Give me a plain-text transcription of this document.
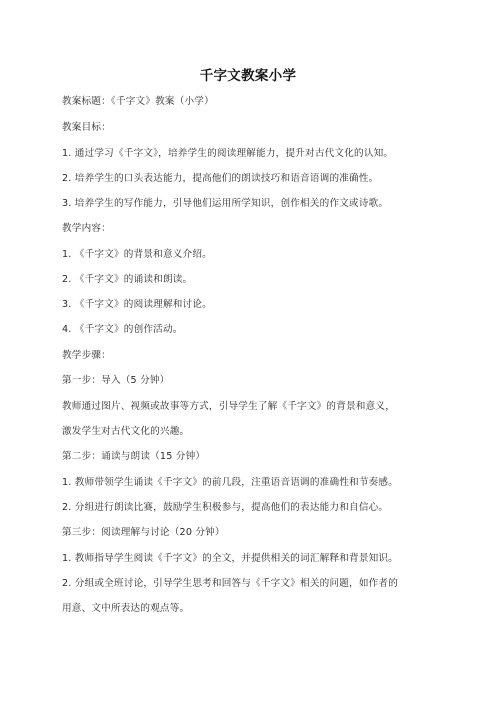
千字文教案小学
教案标题：《千字文》教案（小学）
教案目标：
1. 通过学习《千字文》，培养学生的阅读理解能力，提升对古代文化的认知。
2. 培养学生的口头表达能力，提高他们的朗读技巧和语音语调的准确性。
3. 培养学生的写作能力，引导他们运用所学知识，创作相关的作文或诗歌。
教学内容：
1. 《千字文》的背景和意义介绍。
2. 《千字文》的诵读和朗读。
3. 《千字文》的阅读理解和讨论。
4. 《千字文》的创作活动。
教学步骤：
第一步：导入（5 分钟）
教师通过图片、视频或故事等方式，引导学生了解《千字文》的背景和意义，
激发学生对古代文化的兴趣。
第二步：诵读与朗读（15 分钟）
1. 教师带领学生诵读《千字文》的前几段，注重语音语调的准确性和节奏感。
2. 分组进行朗读比赛，鼓励学生积极参与，提高他们的表达能力和自信心。
第三步：阅读理解与讨论（20 分钟）
1. 教师指导学生阅读《千字文》的全文，并提供相关的词汇解释和背景知识。
2. 分组或全班讨论，引导学生思考和回答与《千字文》相关的问题，如作者的
用意、文中所表达的观点等。
